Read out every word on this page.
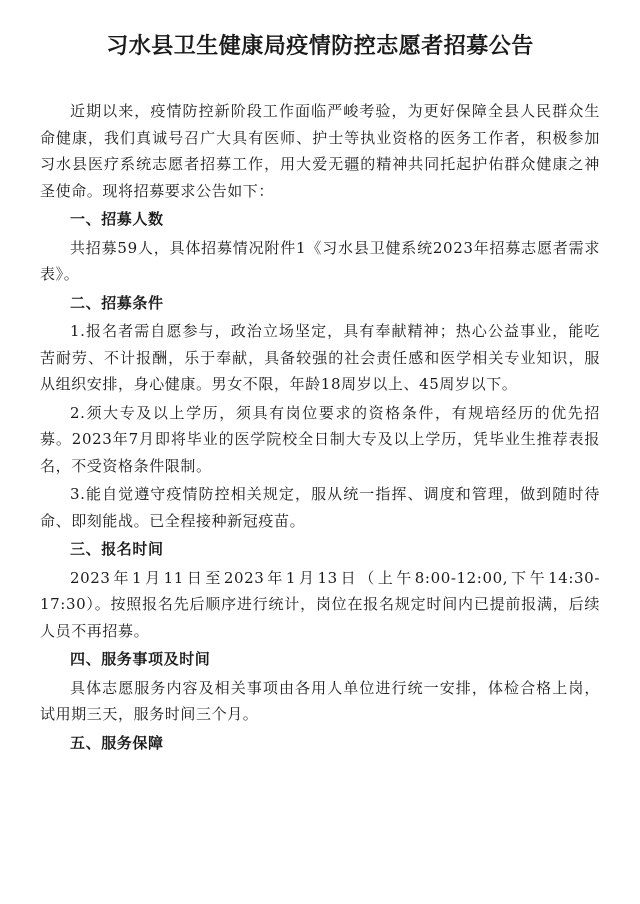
习水县卫生健康局疫情防控志愿者招募公告

近期以来，疫情防控新阶段工作面临严峻考验，为更好保障全县人民群众生命健康，我们真诚号召广大具有医师、护士等执业资格的医务工作者，积极参加习水县医疗系统志愿者招募工作，用大爱无疆的精神共同托起护佑群众健康之神圣使命。现将招募要求公告如下：

一、招募人数

共招募59人，具体招募情况附件1《习水县卫健系统2023年招募志愿者需求表》。

二、招募条件

1.报名者需自愿参与，政治立场坚定，具有奉献精神；热心公益事业，能吃苦耐劳、不计报酬，乐于奉献，具备较强的社会责任感和医学相关专业知识，服从组织安排，身心健康。男女不限，年龄18周岁以上、45周岁以下。

2.须大专及以上学历，须具有岗位要求的资格条件，有规培经历的优先招募。2023年7月即将毕业的医学院校全日制大专及以上学历，凭毕业生推荐表报名，不受资格条件限制。

3.能自觉遵守疫情防控相关规定，服从统一指挥、调度和管理，做到随时待命、即刻能战。已全程接种新冠疫苗。

三、报名时间

2023年1月11日至2023年1月13日（上午8:00-12:00,下午14:30-17:30）。按照报名先后顺序进行统计，岗位在报名规定时间内已提前报满，后续人员不再招募。

四、服务事项及时间

具体志愿服务内容及相关事项由各用人单位进行统一安排，体检合格上岗，试用期三天，服务时间三个月。

五、服务保障
